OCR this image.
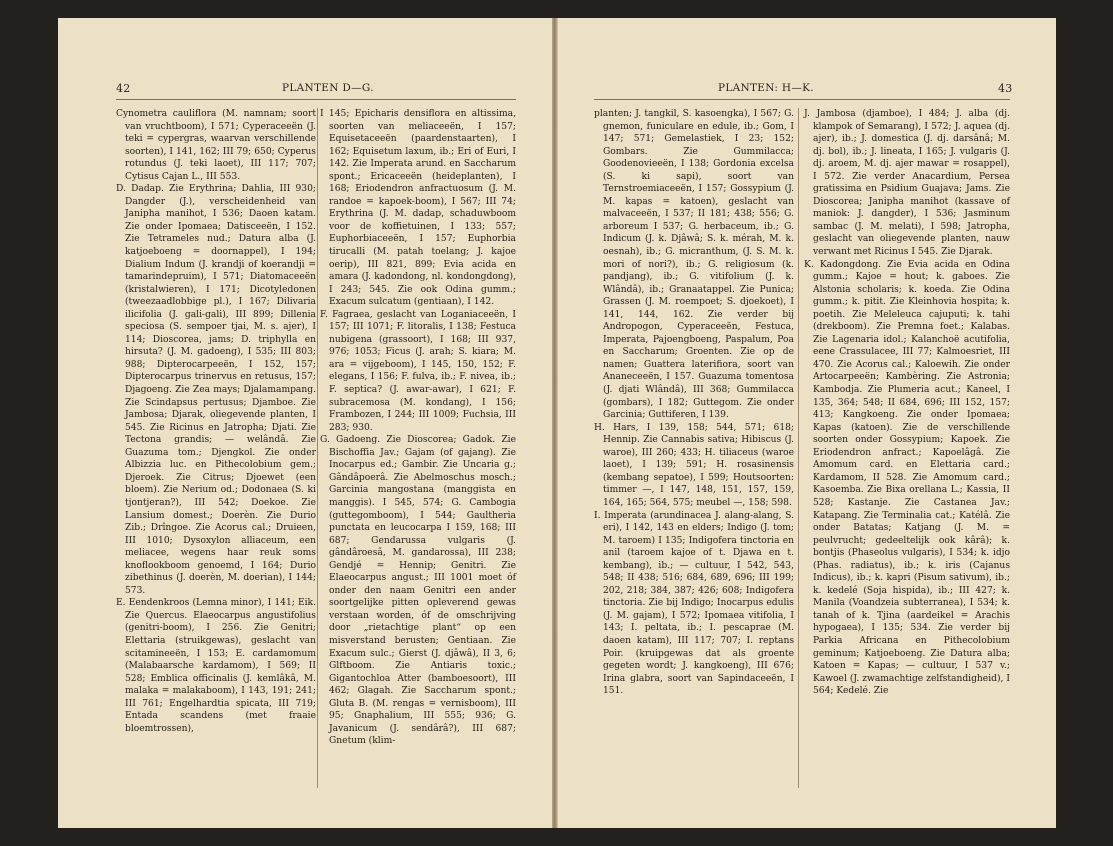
42	PLANTEN D—G.

Cynometra cauliflora (M. namnam; soort van vruchtboom), I 571; Cyperaceeën (J. teki = cypergras, waarvan verschillende soorten), I 141, 162; III 79; 650; Cyperus rotundus (J. teki laoet), III 117; 707; Cytisus Cajan L., III 553.

D. Dadap. Zie Erythrina; Dahlia, III 930; Dangder (J.), verscheidenheid van Janipha manihot, I 536; Daoen katam. Zie onder Ipomaea; Datisceeën, I 152. Zie Tetrameles nud.; Datura alba (J. katjoeboeng = doornappel), I 194; Dialium Indum (J. krandji of koerandji = tamarindepruim), I 571; Diatomaceeën (kristalwieren), I 171; Dicotyledonen (tweezaadlobbige pl.), I 167; Dilivaria ilicifolia (J. gali-gali), III 899; Dillenia speciosa (S. sempoer tjai, M. s. ajer), I 114; Dioscorea, jams; D. triphylla en hirsuta? (J. M. gadoeng), I 535; III 803; 988; Dipterocarpeeën, I 152, 157; Dipterocarpus trinervus en retusus, 157; Djagoeng. Zie Zea mays; Djalamampang. Zie Scindapsus pertusus; Djamboe. Zie Jambosa; Djarak, oliegevende planten, I 545. Zie Ricinus en Jatropha; Djati. Zie Tectona grandis; — welândâ. Zie Guazuma tom.; Djengkol. Zie onder Albizzia luc. en Pithecolobium gem.; Djeroek. Zie Citrus; Djoewet (een bloem). Zie Nerium od.; Dodonaea (S. ki tjontjeran?), III 542; Doekoe. Zie Lansium domest.; Doerèn. Zie Durio Zib.; Drîngoe. Zie Acorus cal.; Druieen, III 1010; Dysoxylon alliaceum, een meliacee, wegens haar reuk soms knoflookboom genoemd, I 164; Durio zibethinus (J. doerèn, M. doerian), I 144; 573.

E. Eendenkroos (Lemna minor), I 141; Eik. Zie Quercus. Elaeocarpus angustifolius (genitri-boom), I 256. Zie Genitri; Elettaria (struikgewas), geslacht van scitamineeën, I 153; E. cardamomum (Malabaarsche kardamom), I 569; II 528; Emblica officinalis (J. kemlâkâ, M. malaka = malakaboom), I 143, 191; 241; III 761; Engelhardtia spicata, III 719; Entada scandens (met fraaie bloemtrossen),

I 145; Epicharis densiflora en altissima, soorten van meliaceeën, I 157; Equisetaceeën (paardenstaarten), I 162; Equisetum laxum, ib.; Eri of Euri, I 142. Zie Imperata arund. en Saccharum spont.; Ericaceeën (heideplanten), I 168; Eriodendron anfractuosum (J. M. randoe = kapoek-boom), I 567; III 74; Erythrina (J. M. dadap, schaduwboom voor de koffietuinen, I 133; 557; Euphorbiaceeën, I 157; Euphorbia tirucalli (M. patah toelang; J. kajoe oerip), III 821, 899; Evia acida en amara (J. kadondong, nl. kondongdong), I 243; 545. Zie ook Odina gumm.; Exacum sulcatum (gentiaan), I 142.

F. Fagraea, geslacht van Loganiaceeën, I 157; III 1071; F. litoralis, I 138; Festuca nubigena (grassoort), I 168; III 937, 976; 1053; Ficus (J. arah; S. kiara; M. ara = vijgeboom), I 145, 150, 152; F. elegans, I 156; F. fulva, ib.; F. nivea, ib.; F. septica? (J. awar-awar), I 621; F. subracemosa (M. kondang), I 156; Frambozen, I 244; III 1009; Fuchsia, III 283; 930.

G. Gadoeng. Zie Dioscorea; Gadok. Zie Bischoffia Jav.; Gajam (of gajang). Zie Inocarpus ed.; Gambir. Zie Uncaria g.; Gândâpoerâ. Zie Abelmoschus mosch.; Garcinia mangostana (manggista en manggis). I 545, 574; G. Cambogia (guttegomboom), I 544; Gaultheria punctata en leucocarpa I 159, 168; III 687; Gendarussa vulgaris (J. gândâroesâ, M. gandarossa), III 238; Gendjé = Hennip; Genitri. Zie Elaeocarpus angust.; III 1001 moet óf onder den naam Genitri een ander soortgelijke pitten opleverend gewas verstaan worden, óf de omschrijving door „rietachtige plant“ op een misverstand berusten; Gentiaan. Zie Exacum sulc.; Gierst (J. djâwâ), II 3, 6; Glftboom. Zie Antiaris toxic.; Gigantochloa Atter (bamboesoort), III 462; Glagah. Zie Saccharum spont.; Gluta B. (M. rengas = vernisboom), III 95; Gnaphalium, III 555; 936; G. Javanicum (J. sendârâ?), III 687; Gnetum (klim-

PLANTEN: H—K.	43

planten; J. tangkil, S. kasoengka), I 567; G. gnemon, funiculare en edule, ib.; Gom, I 147; 571; Gemelastiek, I 23; 152; Gombars. Zie Gummilacca; Goodenovieeën, I 138; Gordonia excelsa (S. ki sapi), soort van Ternstroemiaceeën, I 157; Gossypium (J. M. kapas = katoen), geslacht van malvaceeën, I 537; II 181; 438; 556; G. arboreum I 537; G. herbaceum, ib.; G. Indicum (J. k. Djâwâ; S. k. mérah, M. k. oesnah), ib.; G. micranthum, (J. S. M. k. mori of nori?), ib.; G. religiosum (k. pandjang), ib.; G. vitifolium (J. k. Wlândâ), ib.; Granaatappel. Zie Punica; Grassen (J. M. roempoet; S. djoekoet), I 141, 144, 162. Zie verder bij Andropogon, Cyperaceeën, Festuca, Imperata, Pajoengboeng, Paspalum, Poa en Saccharum; Groenten. Zie op de namen; Guattera laterifiora, soort van Ananeceeën, I 157. Guazuma tomentosa (J. djati Wlândâ), III 368; Gummilacca (gombars), I 182; Guttegom. Zie onder Garcinia; Guttiferen, I 139.

H. Hars, I 139, 158; 544, 571; 618; Hennip. Zie Cannabis sativa; Hibiscus (J. waroe), III 260; 433; H. tiliaceus (waroe laoet), I 139; 591; H. rosasinensis (kembang sepatoe), I 599; Houtsoorten: timmer —, I 147, 148, 151, 157, 159, 164, 165; 564, 575; meubel —, 158; 598.

I. Imperata (arundinacea J. alang-alang, S. eri), I 142, 143 en elders; Indigo (J. tom; M. taroem) I 135; Indigofera tinctoria en anil (taroem kajoe of t. Djawa en t. kembang), ib.; — cultuur, I 542, 543, 548; II 438; 516; 684, 689, 696; III 199; 202, 218; 384, 387; 426; 608; Indigofera tinctoria. Zie bij Indigo; Inocarpus edulis (J. M. gajam), I 572; Ipomaea vitifolia, I 143; I. peltata, ib.; I. pescaprae (M. daoen katam), III 117; 707; I. reptans Poir. (kruipgewas dat als groente gegeten wordt; J. kangkoeng), III 676; Irina glabra, soort van Sapindaceeën, I 151.

J. Jambosa (djamboe), I 484; J. alba (dj. klampok of Semarang), I 572; J. aquea (dj. ajer), ib.; J. domestica (J. dj. darsânâ; M. dj. bol), ib.; J. lineata, I 165; J. vulgaris (J. dj. aroem, M. dj. ajer mawar = rosappel), I 572. Zie verder Anacardium, Persea gratissima en Psidium Guajava; Jams. Zie Dioscorea; Janipha manihot (kassave of maniok: J. dangder), I 536; Jasminum sambac (J. M. melati), I 598; Jatropha, geslacht van oliegevende planten, nauw verwant met Ricinus I 545. Zie Djarak.

K. Kadongdong. Zie Evia acida en Odina gumm.; Kajoe = hout; k. gaboes. Zie Alstonia scholaris; k. koeda. Zie Odina gumm.; k. pitit. Zie Kleinhovia hospita; k. poetih. Zie Meleleuca cajuputi; k. tahi (drekboom). Zie Premna foet.; Kalabas. Zie Lagenaria idol.; Kalanchoë acutifolia, eene Crassulacee, III 77; Kalmoesriet, III 470. Zie Acorus cal.; Kaloewih. Zie onder Artocarpeeën; Kambèring. Zie Astronia; Kambodja. Zie Plumeria acut.; Kaneel, I 135, 364; 548; II 684, 696; III 152, 157; 413; Kangkoeng. Zie onder Ipomaea; Kapas (katoen). Zie de verschillende soorten onder Gossypium; Kapoek. Zie Eriodendron anfract.; Kapoelâgâ. Zie Amomum card. en Elettaria card.; Kardamom, II 528. Zie Amomum card.; Kasoemba. Zie Bixa orellana L.; Kassia, II 528; Kastanje. Zie Castanea Jav.; Katapang. Zie Terminalia cat.; Katélâ. Zie onder Batatas; Katjang (J. M. = peulvrucht; gedeeltelijk ook kârâ); k. bontjis (Phaseolus vulgaris), I 534; k. idjo (Phas. radiatus), ib.; k. iris (Cajanus Indicus), ib.; k. kapri (Pisum sativum), ib.; k. kedelé (Soja hispida), ib.; III 427; k. Manila (Voandzeia subterranea), I 534; k. tanah of k. Tjina (aardeikel = Arachis hypogaea), I 135; 534. Zie verder bij Parkia Africana en Pithecolobium geminum; Katjoeboeng. Zie Datura alba; Katoen = Kapas; — cultuur, I 537 v.; Kawoel (J. zwamachtige zelfstandigheid), I 564; Kedelé. Zie
